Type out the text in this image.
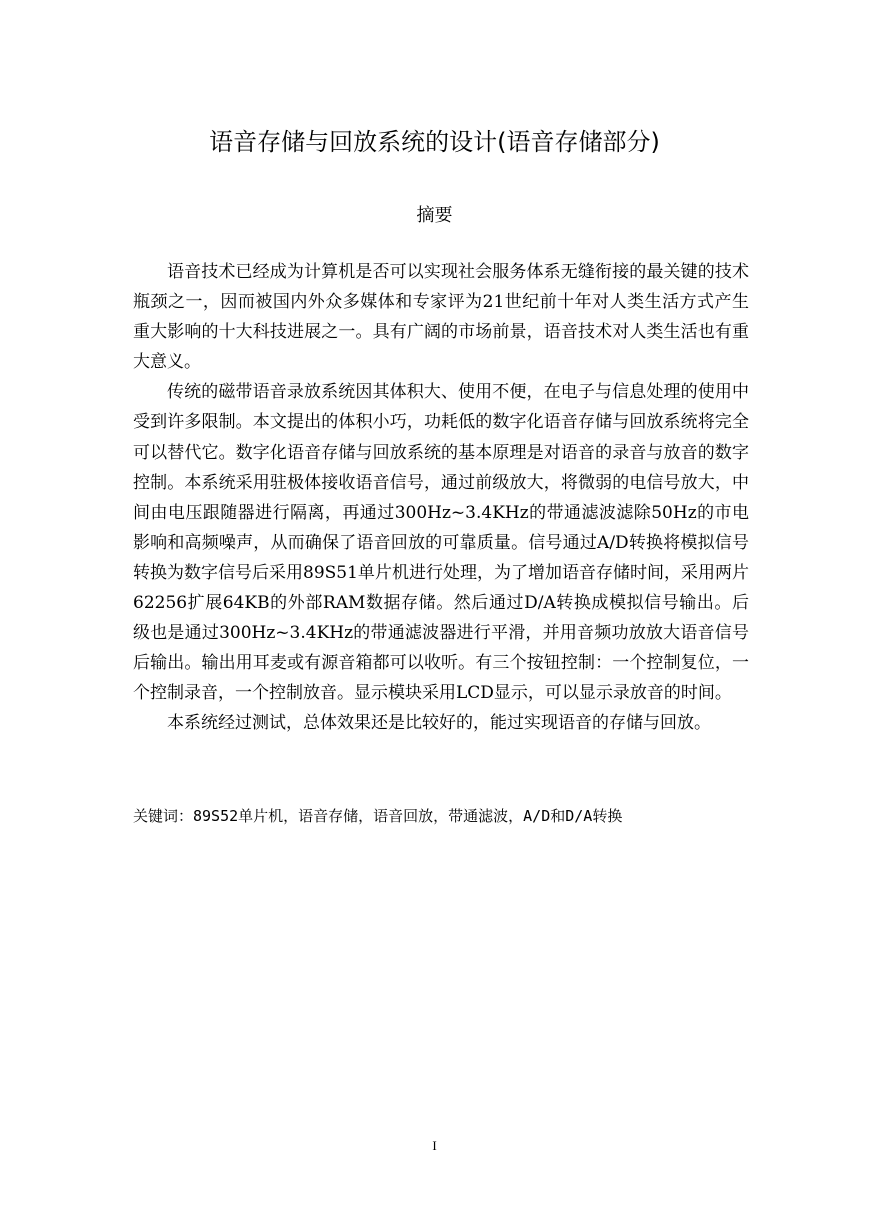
语音存储与回放系统的设计(语音存储部分)
摘要

语音技术已经成为计算机是否可以实现社会服务体系无缝衔接的最关键的技术瓶颈之一，因而被国内外众多媒体和专家评为21世纪前十年对人类生活方式产生重大影响的十大科技进展之一。具有广阔的市场前景，语音技术对人类生活也有重大意义。

传统的磁带语音录放系统因其体积大、使用不便，在电子与信息处理的使用中受到许多限制。本文提出的体积小巧，功耗低的数字化语音存储与回放系统将完全可以替代它。数字化语音存储与回放系统的基本原理是对语音的录音与放音的数字控制。本系统采用驻极体接收语音信号，通过前级放大，将微弱的电信号放大，中间由电压跟随器进行隔离，再通过300Hz~3.4KHz的带通滤波滤除50Hz的市电影响和高频噪声，从而确保了语音回放的可靠质量。信号通过A/D转换将模拟信号转换为数字信号后采用89S51单片机进行处理，为了增加语音存储时间，采用两片62256扩展64KB的外部RAM数据存储。然后通过D/A转换成模拟信号输出。后级也是通过300Hz~3.4KHz的带通滤波器进行平滑，并用音频功放放大语音信号后输出。输出用耳麦或有源音箱都可以收听。有三个按钮控制：一个控制复位，一个控制录音，一个控制放音。显示模块采用LCD显示，可以显示录放音的时间。

本系统经过测试，总体效果还是比较好的，能过实现语音的存储与回放。

关键词：89S52单片机，语音存储，语音回放，带通滤波，A/D和D/A转换
I
